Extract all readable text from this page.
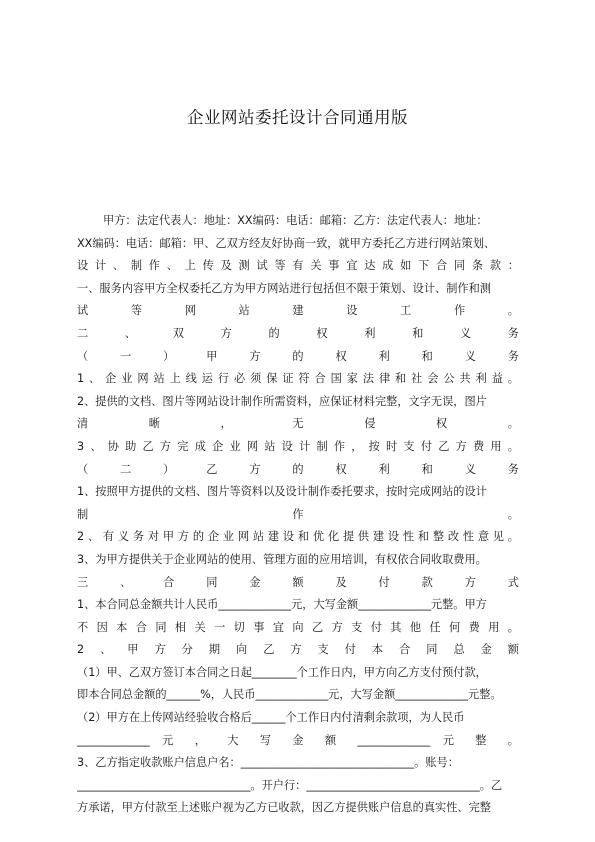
企业网站委托设计合同通用版
甲方：法定代表人：地址：XX编码：电话：邮箱：乙方：法定代表人：地址：
XX编码：电话：邮箱：甲、乙双方经友好协商一致，就甲方委托乙方进行网站策划、
设计、制作、上传及测试等有关事宜达成如下合同条款：
一、服务内容甲方全权委托乙方为甲方网站进行包括但不限于策划、设计、制作和测
试等网站建设工作。
二、双方的权利和义务
（一）甲方的权利和义务
1、企业网站上线运行必须保证符合国家法律和社会公共利益。
2、提供的文档、图片等网站设计制作所需资料，应保证材料完整，文字无误，图片
清晰，无侵权。
3、协助乙方完成企业网站设计制作，按时支付乙方费用。
（二）乙方的权利和义务
1、按照甲方提供的文档、图片等资料以及设计制作委托要求，按时完成网站的设计
制作。
2、有义务对甲方的企业网站建设和优化提供建设性和整改性意见。
3、为甲方提供关于企业网站的使用、管理方面的应用培训，有权依合同收取费用。
三、合同金额及付款方式
1、本合同总金额共计人民币_____________元，大写金额_____________元整。甲方
不因本合同相关一切事宜向乙方支付其他任何费用。
2、甲方分期向乙方支付本合同总金额
（1）甲、乙双方签订本合同之日起________个工作日内，甲方向乙方支付预付款，
即本合同总金额的______%，人民币_____________元，大写金额_____________元整。
（2）甲方在上传网站经验收合格后______个工作日内付清剩余款项，为人民币
_____________ 元 ， 大 写 金 额 _____________ 元 整 。
3、乙方指定收款账户信息户名：_______________________________。账号：
_______________________________。开户行：_______________________________。乙
方承诺，甲方付款至上述账户视为乙方已收款，因乙方提供账户信息的真实性、完整
